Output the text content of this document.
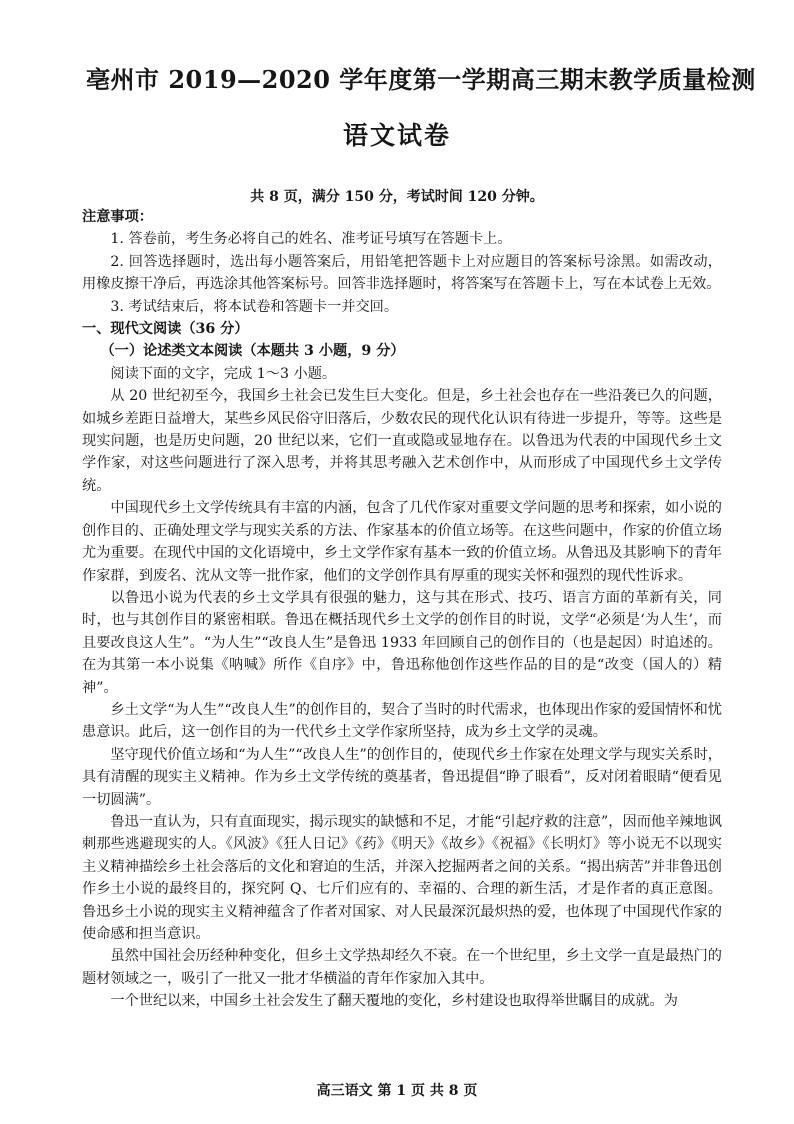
亳州市 2019—2020 学年度第一学期高三期末教学质量检测
语文试卷
共 8 页，满分 150 分，考试时间 120 分钟。

注意事项：

1. 答卷前，考生务必将自己的姓名、准考证号填写在答题卡上。

2. 回答选择题时，选出每小题答案后，用铅笔把答题卡上对应题目的答案标号涂黑。如需改动，用橡皮擦干净后，再选涂其他答案标号。回答非选择题时，将答案写在答题卡上，写在本试卷上无效。

3. 考试结束后，将本试卷和答题卡一并交回。

一、现代文阅读（36 分）

（一）论述类文本阅读（本题共 3 小题，9 分）

阅读下面的文字，完成 1～3 小题。

从 20 世纪初至今，我国乡土社会已发生巨大变化。但是，乡土社会也存在一些沿袭已久的问题，如城乡差距日益增大，某些乡风民俗守旧落后，少数农民的现代化认识有待进一步提升，等等。这些是现实问题，也是历史问题，20 世纪以来，它们一直或隐或显地存在。以鲁迅为代表的中国现代乡土文学作家，对这些问题进行了深入思考，并将其思考融入艺术创作中，从而形成了中国现代乡土文学传统。

中国现代乡土文学传统具有丰富的内涵，包含了几代作家对重要文学问题的思考和探索，如小说的创作目的、正确处理文学与现实关系的方法、作家基本的价值立场等。在这些问题中，作家的价值立场尤为重要。在现代中国的文化语境中，乡土文学作家有基本一致的价值立场。从鲁迅及其影响下的青年作家群，到废名、沈从文等一批作家，他们的文学创作具有厚重的现实关怀和强烈的现代性诉求。

以鲁迅小说为代表的乡土文学具有很强的魅力，这与其在形式、技巧、语言方面的革新有关，同时，也与其创作目的紧密相联。鲁迅在概括现代乡土文学的创作目的时说，文学“必须是‘为人生’，而且要改良这人生”。“为人生”“改良人生”是鲁迅 1933 年回顾自己的创作目的（也是起因）时追述的。在为其第一本小说集《呐喊》所作《自序》中，鲁迅称他创作这些作品的目的是“改变（国人的）精神”。

乡土文学“为人生”“改良人生”的创作目的，契合了当时的时代需求，也体现出作家的爱国情怀和忧患意识。此后，这一创作目的为一代代乡土文学作家所坚持，成为乡土文学的灵魂。

坚守现代价值立场和“为人生”“改良人生”的创作目的，使现代乡土作家在处理文学与现实关系时，具有清醒的现实主义精神。作为乡土文学传统的奠基者，鲁迅提倡“睁了眼看”，反对闭着眼睛“便看见一切圆满”。

鲁迅一直认为，只有直面现实，揭示现实的缺憾和不足，才能“引起疗救的注意”，因而他辛辣地讽刺那些逃避现实的人。《风波》《狂人日记》《药》《明天》《故乡》《祝福》《长明灯》等小说无不以现实主义精神描绘乡土社会落后的文化和窘迫的生活，并深入挖掘两者之间的关系。“揭出病苦”并非鲁迅创作乡土小说的最终目的，探究阿 Q、七斤们应有的、幸福的、合理的新生活，才是作者的真正意图。鲁迅乡土小说的现实主义精神蕴含了作者对国家、对人民最深沉最炽热的爱，也体现了中国现代作家的使命感和担当意识。

虽然中国社会历经种种变化，但乡土文学热却经久不衰。在一个世纪里，乡土文学一直是最热门的题材领域之一，吸引了一批又一批才华横溢的青年作家加入其中。

一个世纪以来，中国乡土社会发生了翻天覆地的变化，乡村建设也取得举世瞩目的成就。为

高三语文 第 1 页 共 8 页
